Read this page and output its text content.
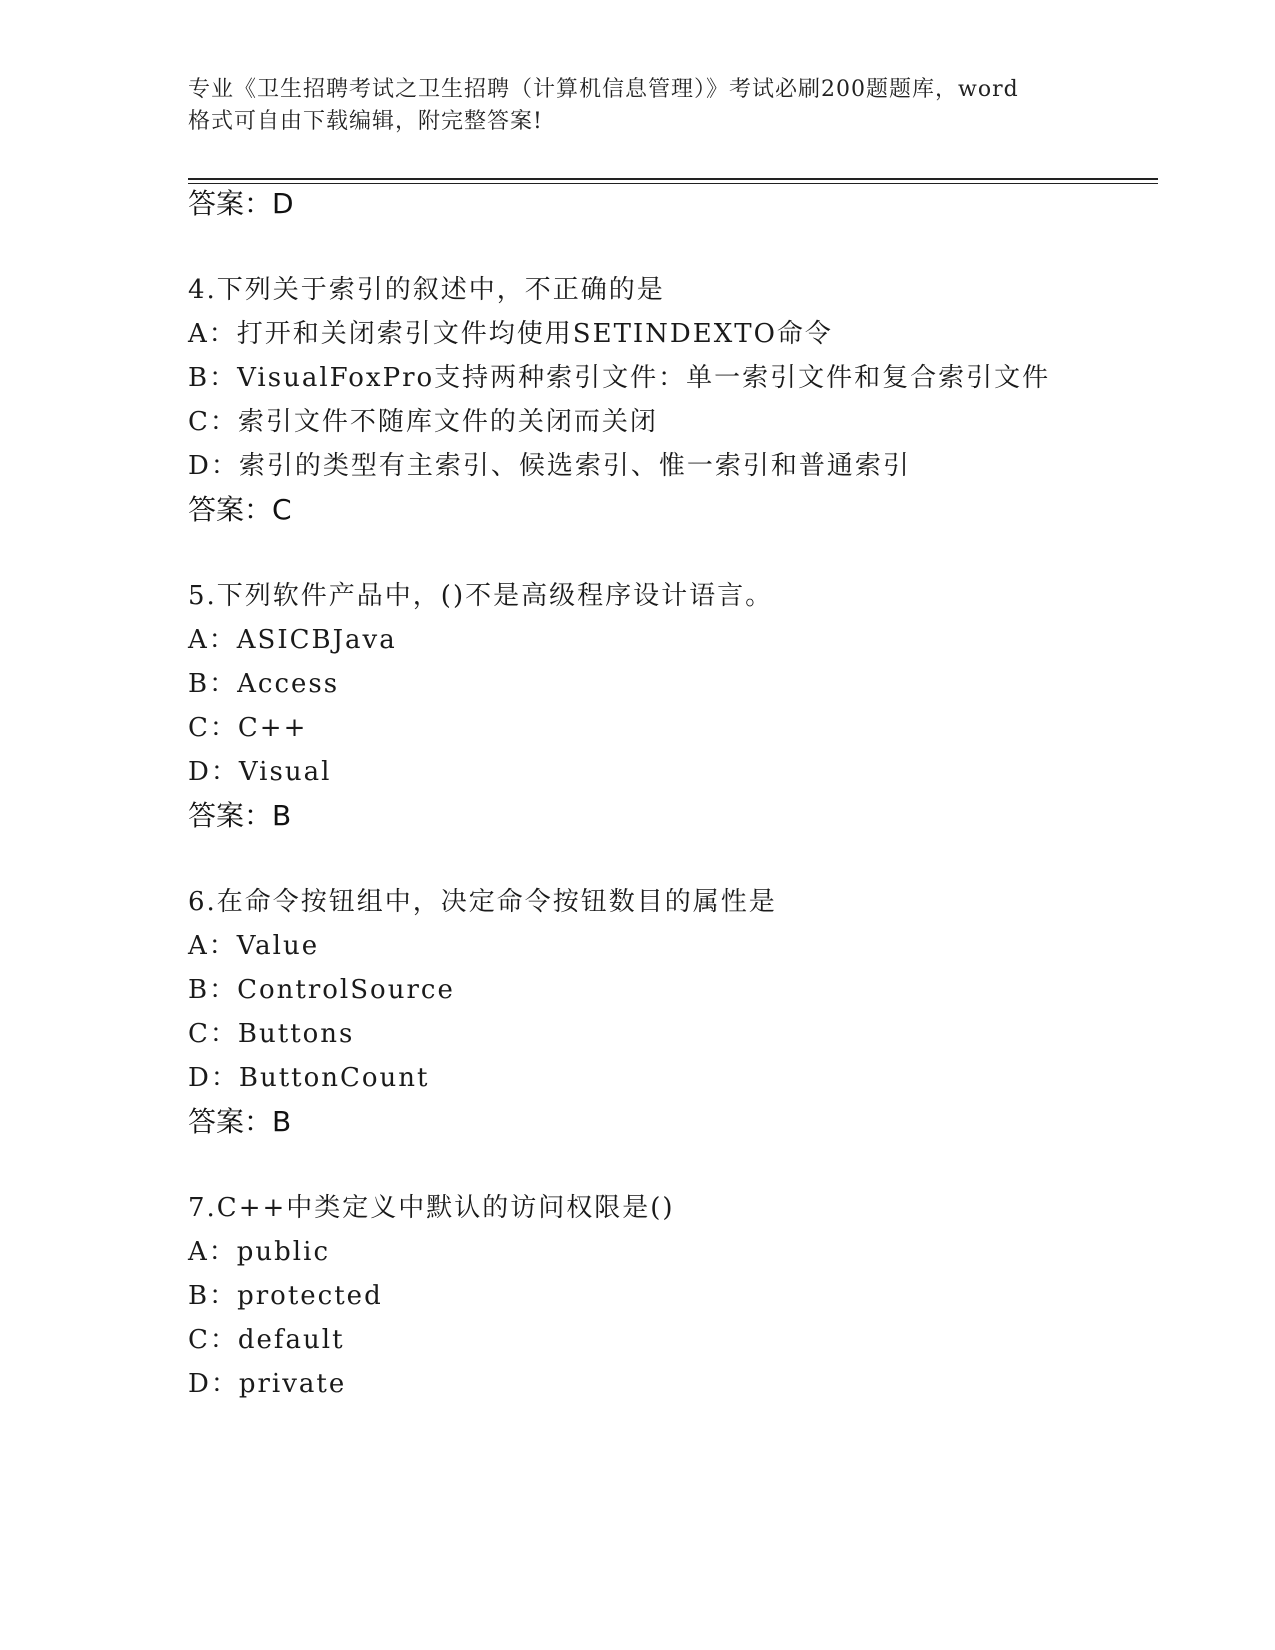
专业《卫生招聘考试之卫生招聘（计算机信息管理）》考试必刷200题题库，word
格式可自由下载编辑，附完整答案!
答案：D
4.下列关于索引的叙述中，不正确的是
A：打开和关闭索引文件均使用SETINDEXTO命令
B：VisualFoxPro支持两种索引文件：单一索引文件和复合索引文件
C：索引文件不随库文件的关闭而关闭
D：索引的类型有主索引、候选索引、惟一索引和普通索引
答案：C
5.下列软件产品中，()不是高级程序设计语言。
A：ASICBJava
B：Access
C：C++
D：Visual
答案：B
6.在命令按钮组中，决定命令按钮数目的属性是
A：Value
B：ControlSource
C：Buttons
D：ButtonCount
答案：B
7.C++中类定义中默认的访问权限是()
A：public
B：protected
C：default
D：private
